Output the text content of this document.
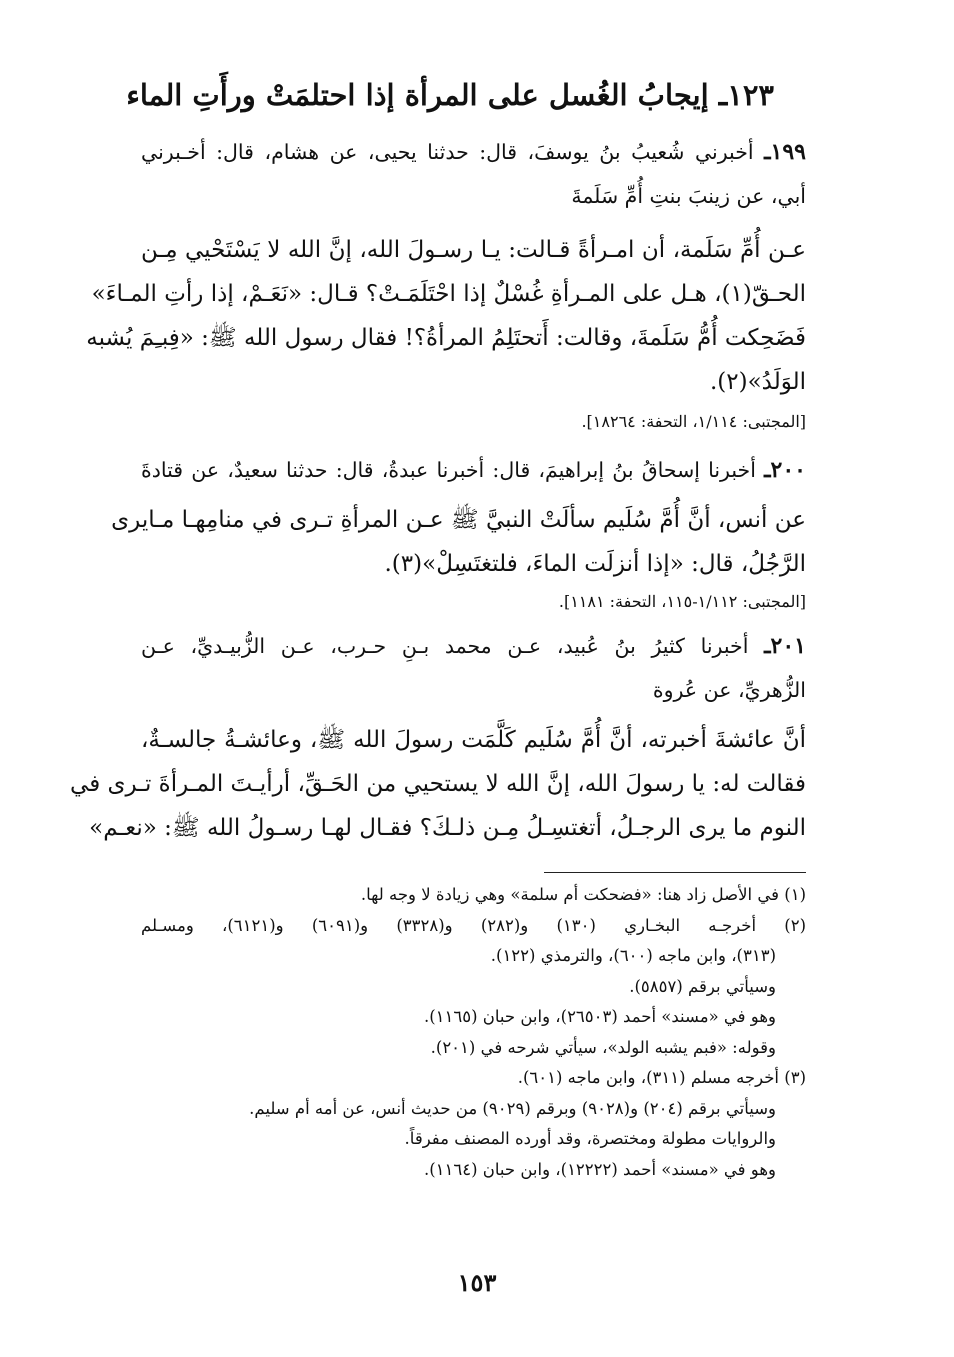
١٢٣ـ إيجابُ الغُسل على المرأة إذا احتلمَتْ ورأَتِ الماء
١٩٩ـ أخبرني شُعيبُ بنُ يوسفَ، قال: حدثنا يحيى، عن هشام، قال: أخـبرني
أبي، عن زينبَ بنتِ أُمِّ سَلَمةَ
عـن أُمِّ سَلَمة، أن امـرأةً قـالت: يـا رسـولَ الله، إنَّ الله لا يَسْتَحْيي مِـن
الحـقّ(١)، هـل على المـرأةِ غُسْلٌ إذا احْتَلَمَـتْ؟ قـال: «نَعَـمْ، إذا رأتِ المـاءَ»
فَضَحِكت أُمُّ سَلَمةَ، وقالت: أَتحتَلِمُ المرأةُ؟! فقال رسول الله ﷺ: «فِبـِمَ يُشبه
الوَلَدُ»(٢).
[المجتبى: ١/١١٤، التحفة: ١٨٢٦٤].
٢٠٠ـ أخبرنا إسحاقُ بنُ إبراهيمَ، قال: أخبرنا عبدةُ، قال: حدثنا سعيدٌ، عن قتادةَ
عن أنس، أنَّ أُمَّ سُلَيم سألَتْ النبيَّ ﷺ عـن المرأةِ تـرى في منامِهـا مـايرى
الرَّجُلُ، قال: «إذا أنزلَت الماءَ، فلتغتَسِلْ»(٣).
[المجتبى: ١/١١٢-١١٥، التحفة: ١١٨١].
٢٠١ـ أخبرنا كثيرُ بنُ عُبيد، عـن محمد بـنِ حـرب، عـن الزُّبيـديِّ، عـن
الزُّهريِّ، عن عُروة
أنَّ عائشةَ أخبرته، أنَّ أُمَّ سُلَيم كَلَّمَت رسولَ الله ﷺ، وعائشـةُ جالسـةٌ،
فقالت له: يا رسولَ الله، إنَّ الله لا يستحيي من الحَـقِّ، أرأيـتَ المـرأةَ تـرى في
النوم ما يرى الرجـلُ، أتغتسِـلُ مِـن ذلـكَ؟ فقـال لهـا رسـولُ الله ﷺ: «نعـم»
(١) في الأصل زاد هنا: «فضحكت أم سلمة» وهي زيادة لا وجه لها.
(٢) أخرجـه البخـاري (١٣٠) و(٢٨٢) و(٣٣٢٨) و(٦٠٩١) و(٦١٢١)، ومسـلم
(٣١٣)، وابن ماجه (٦٠٠)، والترمذي (١٢٢).
وسيأتي برقم (٥٨٥٧).
وهو في «مسند» أحمد (٢٦٥٠٣)، وابن حبان (١١٦٥).
وقوله: «فبم يشبه الولد»، سيأتي شرحه في (٢٠١).
(٣) أخرجه مسلم (٣١١)، وابن ماجه (٦٠١).
وسيأتي برقم (٢٠٤) و(٩٠٢٨) وبرقم (٩٠٢٩) من حديث أنس، عن أمه أم سليم.
والروايات مطولة ومختصرة، وقد أورده المصنف مفرقاً.
وهو في «مسند» أحمد (١٢٢٢٢)، وابن حبان (١١٦٤).
١٥٣
